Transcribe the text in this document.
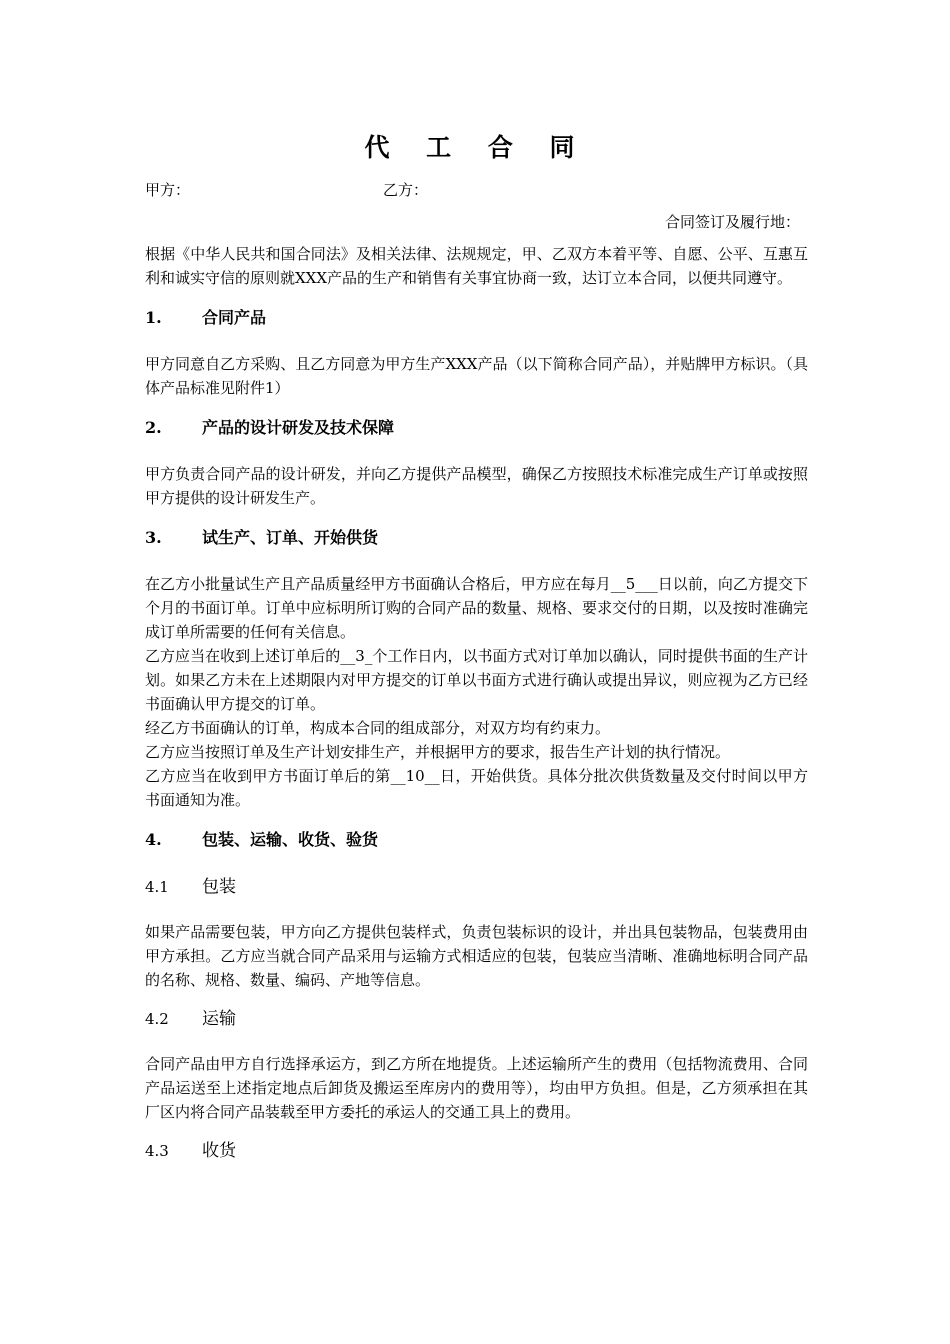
代 工 合 同
甲方：	乙方：
合同签订及履行地：

根据《中华人民共和国合同法》及相关法律、法规规定，甲、乙双方本着平等、自愿、公平、互惠互利和诚实守信的原则就XXX产品的生产和销售有关事宜协商一致，达订立本合同，以便共同遵守。

1.	合同产品

甲方同意自乙方采购、且乙方同意为甲方生产XXX产品（以下简称合同产品），并贴牌甲方标识。（具体产品标准见附件1）

2.	产品的设计研发及技术保障

甲方负责合同产品的设计研发，并向乙方提供产品模型，确保乙方按照技术标准完成生产订单或按照甲方提供的设计研发生产。

3.	试生产、订单、开始供货

在乙方小批量试生产且产品质量经甲方书面确认合格后，甲方应在每月__5___日以前，向乙方提交下个月的书面订单。订单中应标明所订购的合同产品的数量、规格、要求交付的日期，以及按时准确完成订单所需要的任何有关信息。

乙方应当在收到上述订单后的__3_个工作日内，以书面方式对订单加以确认，同时提供书面的生产计划。如果乙方未在上述期限内对甲方提交的订单以书面方式进行确认或提出异议，则应视为乙方已经书面确认甲方提交的订单。

经乙方书面确认的订单，构成本合同的组成部分，对双方均有约束力。

乙方应当按照订单及生产计划安排生产，并根据甲方的要求，报告生产计划的执行情况。

乙方应当在收到甲方书面订单后的第__10__日，开始供货。具体分批次供货数量及交付时间以甲方书面通知为准。

4.	包装、运输、收货、验货
4.1	包装

如果产品需要包装，甲方向乙方提供包装样式，负责包装标识的设计，并出具包装物品，包装费用由甲方承担。乙方应当就合同产品采用与运输方式相适应的包装，包装应当清晰、准确地标明合同产品的名称、规格、数量、编码、产地等信息。

4.2	运输

合同产品由甲方自行选择承运方，到乙方所在地提货。上述运输所产生的费用（包括物流费用、合同产品运送至上述指定地点后卸货及搬运至库房内的费用等），均由甲方负担。但是，乙方须承担在其厂区内将合同产品装载至甲方委托的承运人的交通工具上的费用。

4.3	收货
